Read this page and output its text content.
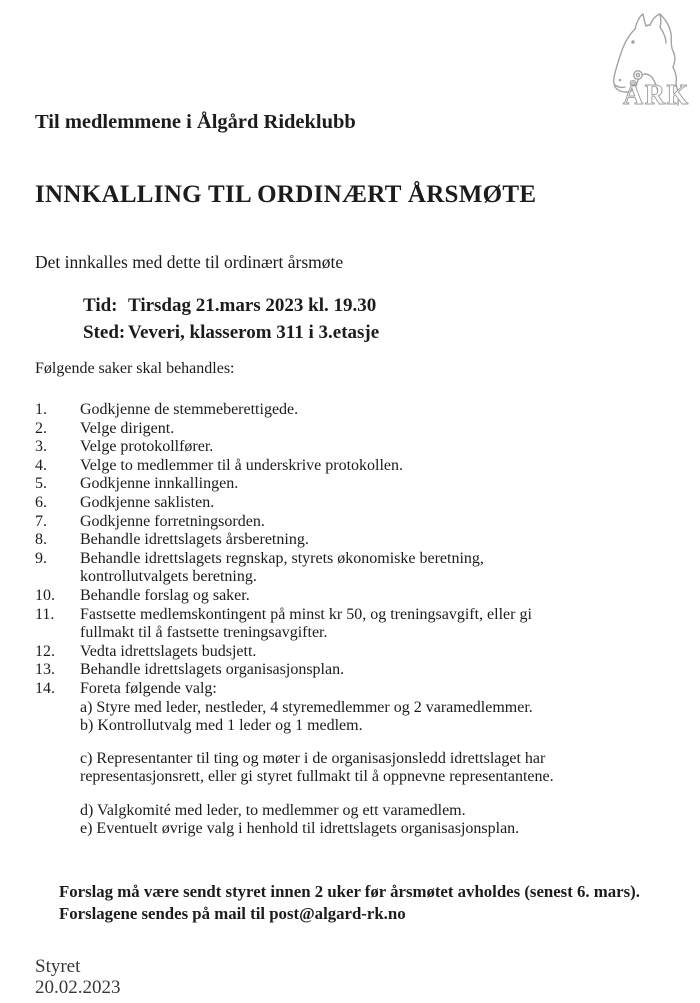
ÅRK
Til medlemmene i Ålgård Rideklubb
INNKALLING TIL ORDINÆRT ÅRSMØTE
Det innkalles med dette til ordinært årsmøte
Tid: Tirsdag 21.mars 2023 kl. 19.30
Sted: Veveri, klasserom 311 i 3.etasje
Følgende saker skal behandles:
1.	Godkjenne de stemmeberettigede.
2.	Velge dirigent.
3.	Velge protokollfører.
4.	Velge to medlemmer til å underskrive protokollen.
5.	Godkjenne innkallingen.
6.	Godkjenne saklisten.
7.	Godkjenne forretningsorden.
8.	Behandle idrettslagets årsberetning.
9.	Behandle idrettslagets regnskap, styrets økonomiske beretning,
kontrollutvalgets beretning.
10.	Behandle forslag og saker.
11.	Fastsette medlemskontingent på minst kr 50, og treningsavgift, eller gi
fullmakt til å fastsette treningsavgifter.
12.	Vedta idrettslagets budsjett.
13.	Behandle idrettslagets organisasjonsplan.
14.	Foreta følgende valg:
a) Styre med leder, nestleder, 4 styremedlemmer og 2 varamedlemmer.
b) Kontrollutvalg med 1 leder og 1 medlem.
c) Representanter til ting og møter i de organisasjonsledd idrettslaget har
representasjonsrett, eller gi styret fullmakt til å oppnevne representantene.
d) Valgkomité med leder, to medlemmer og ett varamedlem.
e) Eventuelt øvrige valg i henhold til idrettslagets organisasjonsplan.
Forslag må være sendt styret innen 2 uker før årsmøtet avholdes (senest 6. mars).
Forslagene sendes på mail til post@algard-rk.no
Styret
20.02.2023
